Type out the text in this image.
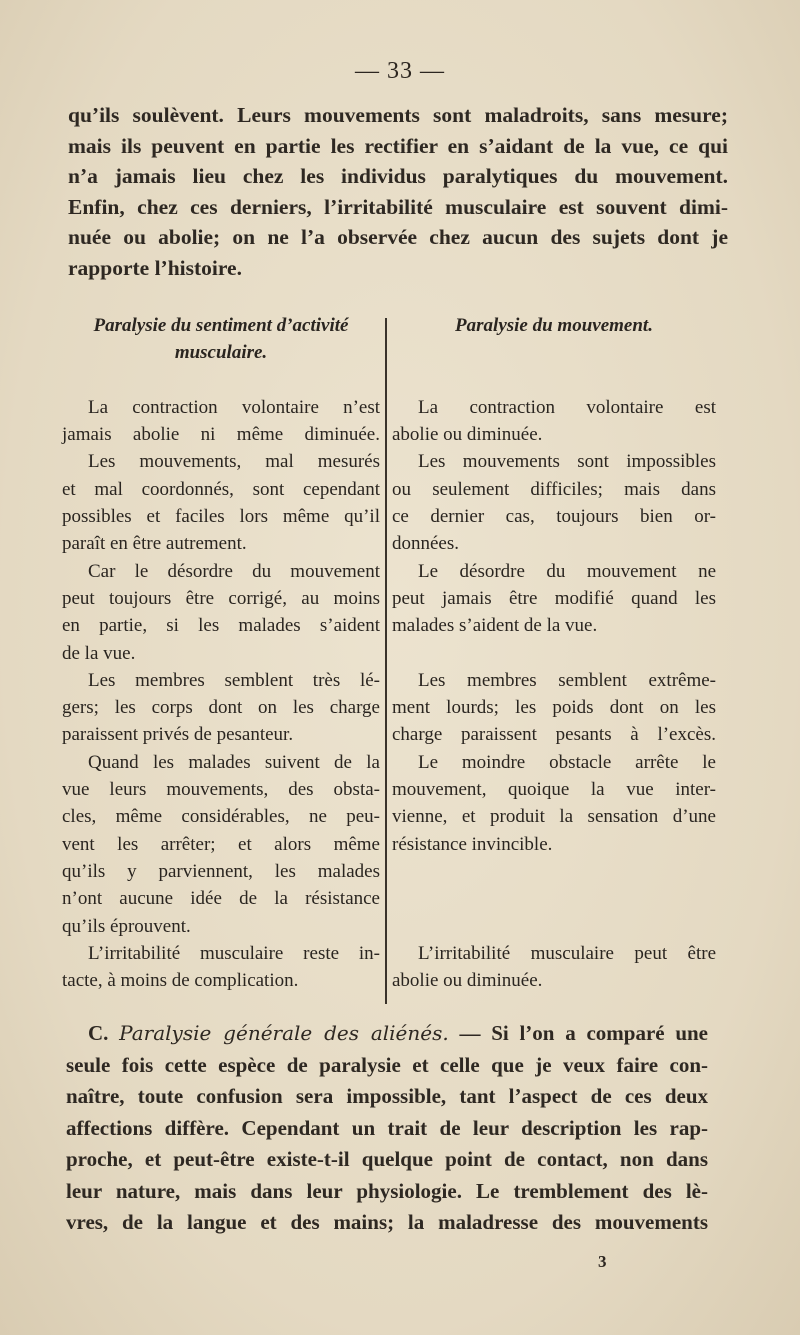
— 33 —
qu’ils soulèvent. Leurs mouvements sont maladroits, sans mesure;
mais ils peuvent en partie les rectifier en s’aidant de la vue, ce qui
n’a jamais lieu chez les individus paralytiques du mouvement.
Enfin, chez ces derniers, l’irritabilité musculaire est souvent dimi-
nuée ou abolie; on ne l’a observée chez aucun des sujets dont je
rapporte l’histoire.
Paralysie du sentiment d’activité
musculaire.
La contraction volontaire n’est
jamais abolie ni même diminuée.
Les mouvements, mal mesurés
et mal coordonnés, sont cependant
possibles et faciles lors même qu’il
paraît en être autrement.
Car le désordre du mouvement
peut toujours être corrigé, au moins
en partie, si les malades s’aident
de la vue.
Les membres semblent très lé-
gers; les corps dont on les charge
paraissent privés de pesanteur.
Quand les malades suivent de la
vue leurs mouvements, des obsta-
cles, même considérables, ne peu-
vent les arrêter; et alors même
qu’ils y parviennent, les malades
n’ont aucune idée de la résistance
qu’ils éprouvent.
L’irritabilité musculaire reste in-
tacte, à moins de complication.
Paralysie du mouvement.
La contraction volontaire est
abolie ou diminuée.
Les mouvements sont impossibles
ou seulement difficiles; mais dans
ce dernier cas, toujours bien or-
données.
Le désordre du mouvement ne
peut jamais être modifié quand les
malades s’aident de la vue.
Les membres semblent extrême-
ment lourds; les poids dont on les
charge paraissent pesants à l’excès.
Le moindre obstacle arrête le
mouvement, quoique la vue inter-
vienne, et produit la sensation d’une
résistance invincible.
L’irritabilité musculaire peut être
abolie ou diminuée.
C. Paralysie générale des aliénés. — Si l’on a comparé une
seule fois cette espèce de paralysie et celle que je veux faire con-
naître, toute confusion sera impossible, tant l’aspect de ces deux
affections diffère. Cependant un trait de leur description les rap-
proche, et peut-être existe-t-il quelque point de contact, non dans
leur nature, mais dans leur physiologie. Le tremblement des lè-
vres, de la langue et des mains; la maladresse des mouvements
3
